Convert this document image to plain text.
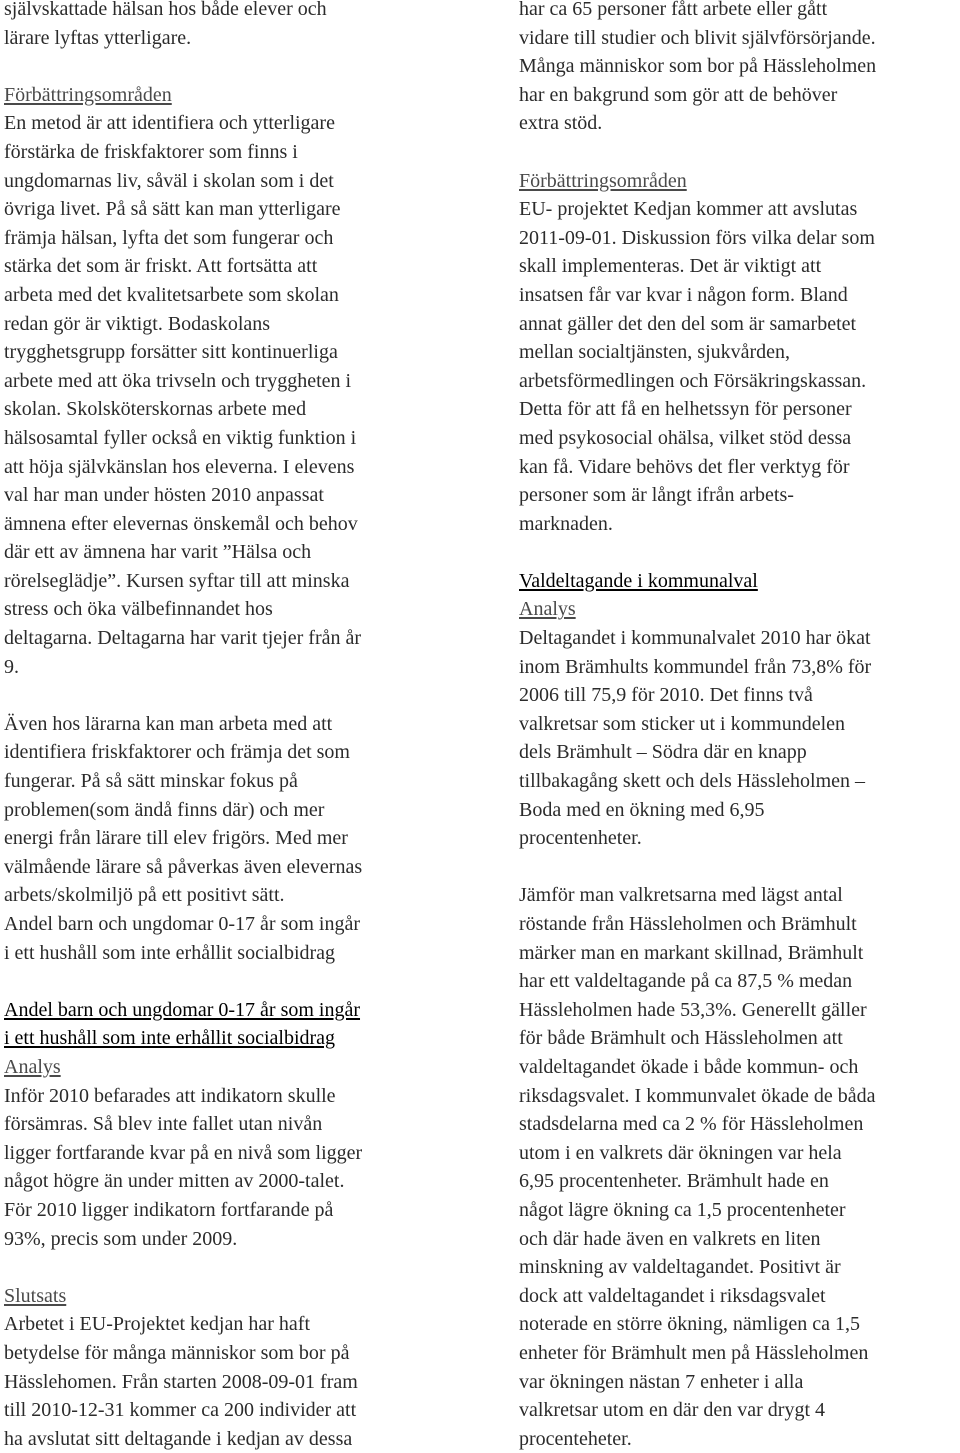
självskattade hälsan hos både elever och
lärare lyftas ytterligare.

Förbättringsområden

En metod är att identifiera och ytterligare
förstärka de friskfaktorer som finns i
ungdomarnas liv, såväl i skolan som i det
övriga livet. På så sätt kan man ytterligare
främja hälsan, lyfta det som fungerar och
stärka det som är friskt. Att fortsätta att
arbeta med det kvalitetsarbete som skolan
redan gör är viktigt. Bodaskolans
trygghetsgrupp forsätter sitt kontinuerliga
arbete med att öka trivseln och tryggheten i
skolan. Skolsköterskornas arbete med
hälsosamtal fyller också en viktig funktion i
att höja självkänslan hos eleverna. I elevens
val har man under hösten 2010 anpassat
ämnena efter elevernas önskemål och behov
där ett av ämnena har varit ”Hälsa och
rörelseglädje”. Kursen syftar till att minska
stress och öka välbefinnandet hos
deltagarna. Deltagarna har varit tjejer från år
9.

Även hos lärarna kan man arbeta med att
identifiera friskfaktorer och främja det som
fungerar. På så sätt minskar fokus på
problemen(som ändå finns där) och mer
energi från lärare till elev frigörs. Med mer
välmående lärare så påverkas även elevernas
arbets/skolmiljö på ett positivt sätt.
Andel barn och ungdomar 0-17 år som ingår
i ett hushåll som inte erhållit socialbidrag

Andel barn och ungdomar 0-17 år som ingår
i ett hushåll som inte erhållit socialbidrag

Analys

Inför 2010 befarades att indikatorn skulle
försämras. Så blev inte fallet utan nivån
ligger fortfarande kvar på en nivå som ligger
något högre än under mitten av 2000-talet.
För 2010 ligger indikatorn fortfarande på
93%, precis som under 2009.

Slutsats

Arbetet i EU-Projektet kedjan har haft
betydelse för många människor som bor på
Hässlehomen. Från starten 2008-09-01 fram
till 2010-12-31 kommer ca 200 individer att
ha avslutat sitt deltagande i kedjan av dessa

har ca 65 personer fått arbete eller gått
vidare till studier och blivit självförsörjande.
Många människor som bor på Hässleholmen
har en bakgrund som gör att de behöver
extra stöd.

Förbättringsområden

EU- projektet Kedjan kommer att avslutas
2011-09-01. Diskussion förs vilka delar som
skall implementeras. Det är viktigt att
insatsen får var kvar i någon form. Bland
annat gäller det den del som är samarbetet
mellan socialtjänsten, sjukvården,
arbetsförmedlingen och Försäkringskassan.
Detta för att få en helhetssyn för personer
med psykosocial ohälsa, vilket stöd dessa
kan få. Vidare behövs det fler verktyg för
personer som är långt ifrån arbets-
marknaden.

Valdeltagande i kommunalval

Analys

Deltagandet i kommunalvalet 2010 har ökat
inom Brämhults kommundel från 73,8% för
2006 till 75,9 för 2010. Det finns två
valkretsar som sticker ut i kommundelen
dels Brämhult – Södra där en knapp
tillbakagång skett och dels Hässleholmen –
Boda med en ökning med 6,95
procentenheter.

Jämför man valkretsarna med lägst antal
röstande från Hässleholmen och Brämhult
märker man en markant skillnad, Brämhult
har ett valdeltagande på ca 87,5 % medan
Hässleholmen hade 53,3%. Generellt gäller
för både Brämhult och Hässleholmen att
valdeltagandet ökade i både kommun- och
riksdagsvalet. I kommunvalet ökade de båda
stadsdelarna med ca 2 % för Hässleholmen
utom i en valkrets där ökningen var hela
6,95 procentenheter. Brämhult hade en
något lägre ökning ca 1,5 procentenheter
och där hade även en valkrets en liten
minskning av valdeltagandet. Positivt är
dock att valdeltagandet i riksdagsvalet
noterade en större ökning, nämligen ca 1,5
enheter för Brämhult men på Hässleholmen
var ökningen nästan 7 enheter i alla
valkretsar utom en där den var drygt 4
procenteheter.
